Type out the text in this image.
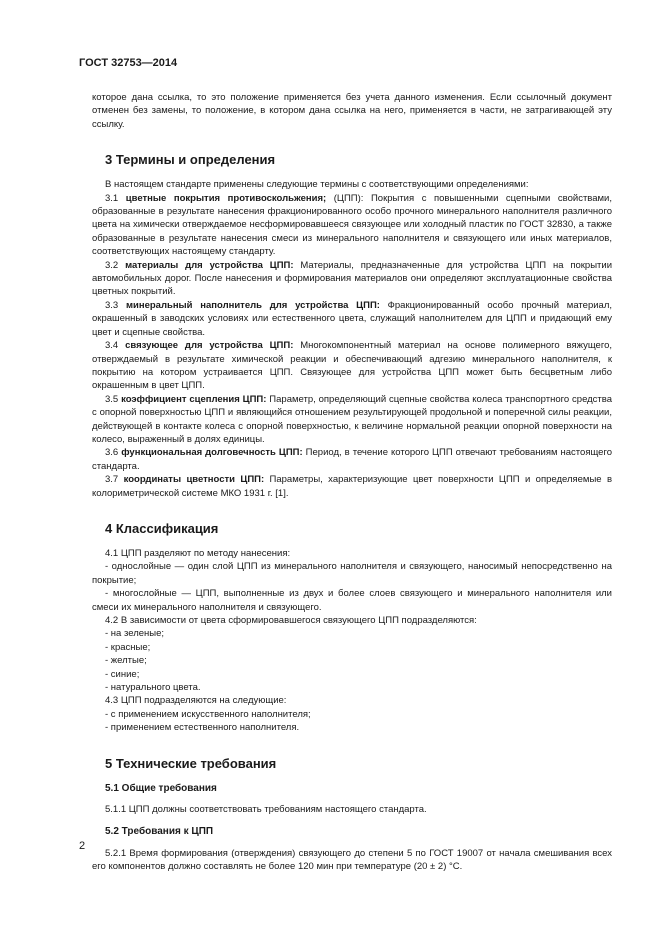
ГОСТ 32753—2014

которое дана ссылка, то это положение применяется без учета данного изменения. Если ссылочный документ отменен без замены, то положение, в котором дана ссылка на него, применяется в части, не затрагивающей эту ссылку.

3 Термины и определения

В настоящем стандарте применены следующие термины с соответствующими определениями:

3.1 цветные покрытия противоскольжения; (ЦПП): Покрытия с повышенными сцепными свойствами, образованные в результате нанесения фракционированного особо прочного минерального наполнителя различного цвета на химически отверждаемое несформировавшееся связующее или холодный пластик по ГОСТ 32830, а также образованные в результате нанесения смеси из минерального наполнителя и связующего или иных материалов, соответствующих настоящему стандарту.

3.2 материалы для устройства ЦПП: Материалы, предназначенные для устройства ЦПП на покрытии автомобильных дорог. После нанесения и формирования материалов они определяют эксплуатационные свойства цветных покрытий.

3.3 минеральный наполнитель для устройства ЦПП: Фракционированный особо прочный материал, окрашенный в заводских условиях или естественного цвета, служащий наполнителем для ЦПП и придающий ему цвет и сцепные свойства.

3.4 связующее для устройства ЦПП: Многокомпонентный материал на основе полимерного вяжущего, отверждаемый в результате химической реакции и обеспечивающий адгезию минерального наполнителя, к покрытию на котором устраивается ЦПП. Связующее для устройства ЦПП может быть бесцветным либо окрашенным в цвет ЦПП.

3.5 коэффициент сцепления ЦПП: Параметр, определяющий сцепные свойства колеса транспортного средства с опорной поверхностью ЦПП и являющийся отношением результирующей продольной и поперечной силы реакции, действующей в контакте колеса с опорной поверхностью, к величине нормальной реакции опорной поверхности на колесо, выраженный в долях единицы.

3.6 функциональная долговечность ЦПП: Период, в течение которого ЦПП отвечают требованиям настоящего стандарта.

3.7 координаты цветности ЦПП: Параметры, характеризующие цвет поверхности ЦПП и определяемые в колориметрической системе МКО 1931 г. [1].

4 Классификация

4.1 ЦПП разделяют по методу нанесения:

- однослойные — один слой ЦПП из минерального наполнителя и связующего, наносимый непосредственно на покрытие;

- многослойные — ЦПП, выполненные из двух и более слоев связующего и минерального наполнителя или смеси их минерального наполнителя и связующего.

4.2 В зависимости от цвета сформировавшегося связующего ЦПП подразделяются:

- на зеленые;

- красные;

- желтые;

- синие;

- натурального цвета.

4.3 ЦПП подразделяются на следующие:

- с применением искусственного наполнителя;

- применением естественного наполнителя.

5 Технические требования

5.1 Общие требования

5.1.1 ЦПП должны соответствовать требованиям настоящего стандарта.

5.2 Требования к ЦПП

5.2.1 Время формирования (отверждения) связующего до степени 5 по ГОСТ 19007 от начала смешивания всех его компонентов должно составлять не более 120 мин при температуре (20 ± 2) °С.

2
